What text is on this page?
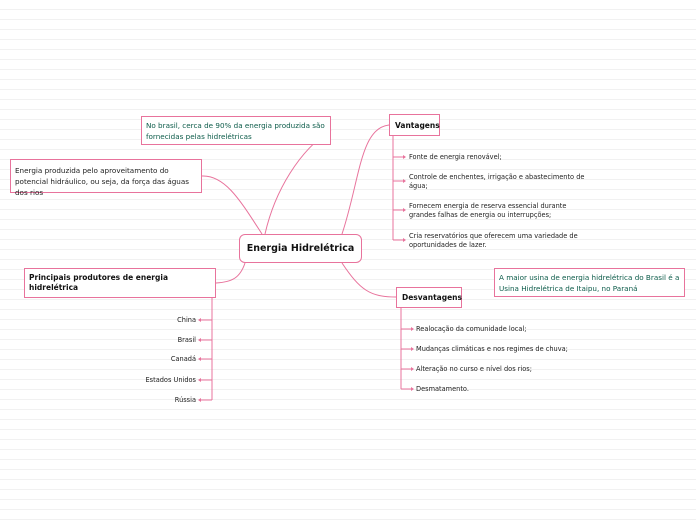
Energia Hidrelétrica
No brasil, cerca de 90% da energia produzida são fornecidas pelas hidrelétricas
Energia produzida pelo aproveitamento do potencial hidráulico, ou seja, da força das águas dos rios
A maior usina de energia hidrelétrica do Brasil é a Usina Hidrelétrica de Itaipu, no Paraná
Vantagens
Fonte de energia renovável;
Controle de enchentes, irrigação e abastecimento de água;
Fornecem energia de reserva essencial durante grandes falhas de energia ou interrupções;
Cria reservatórios que oferecem uma variedade de oportunidades de lazer.
Desvantagens
Realocação da comunidade local;
Mudanças climáticas e nos regimes de chuva;
Alteração no curso e nível dos rios;
Desmatamento.
Principais produtores de energia hidrelétrica
China
Brasil
Canadá
Estados Unidos
Rússia
